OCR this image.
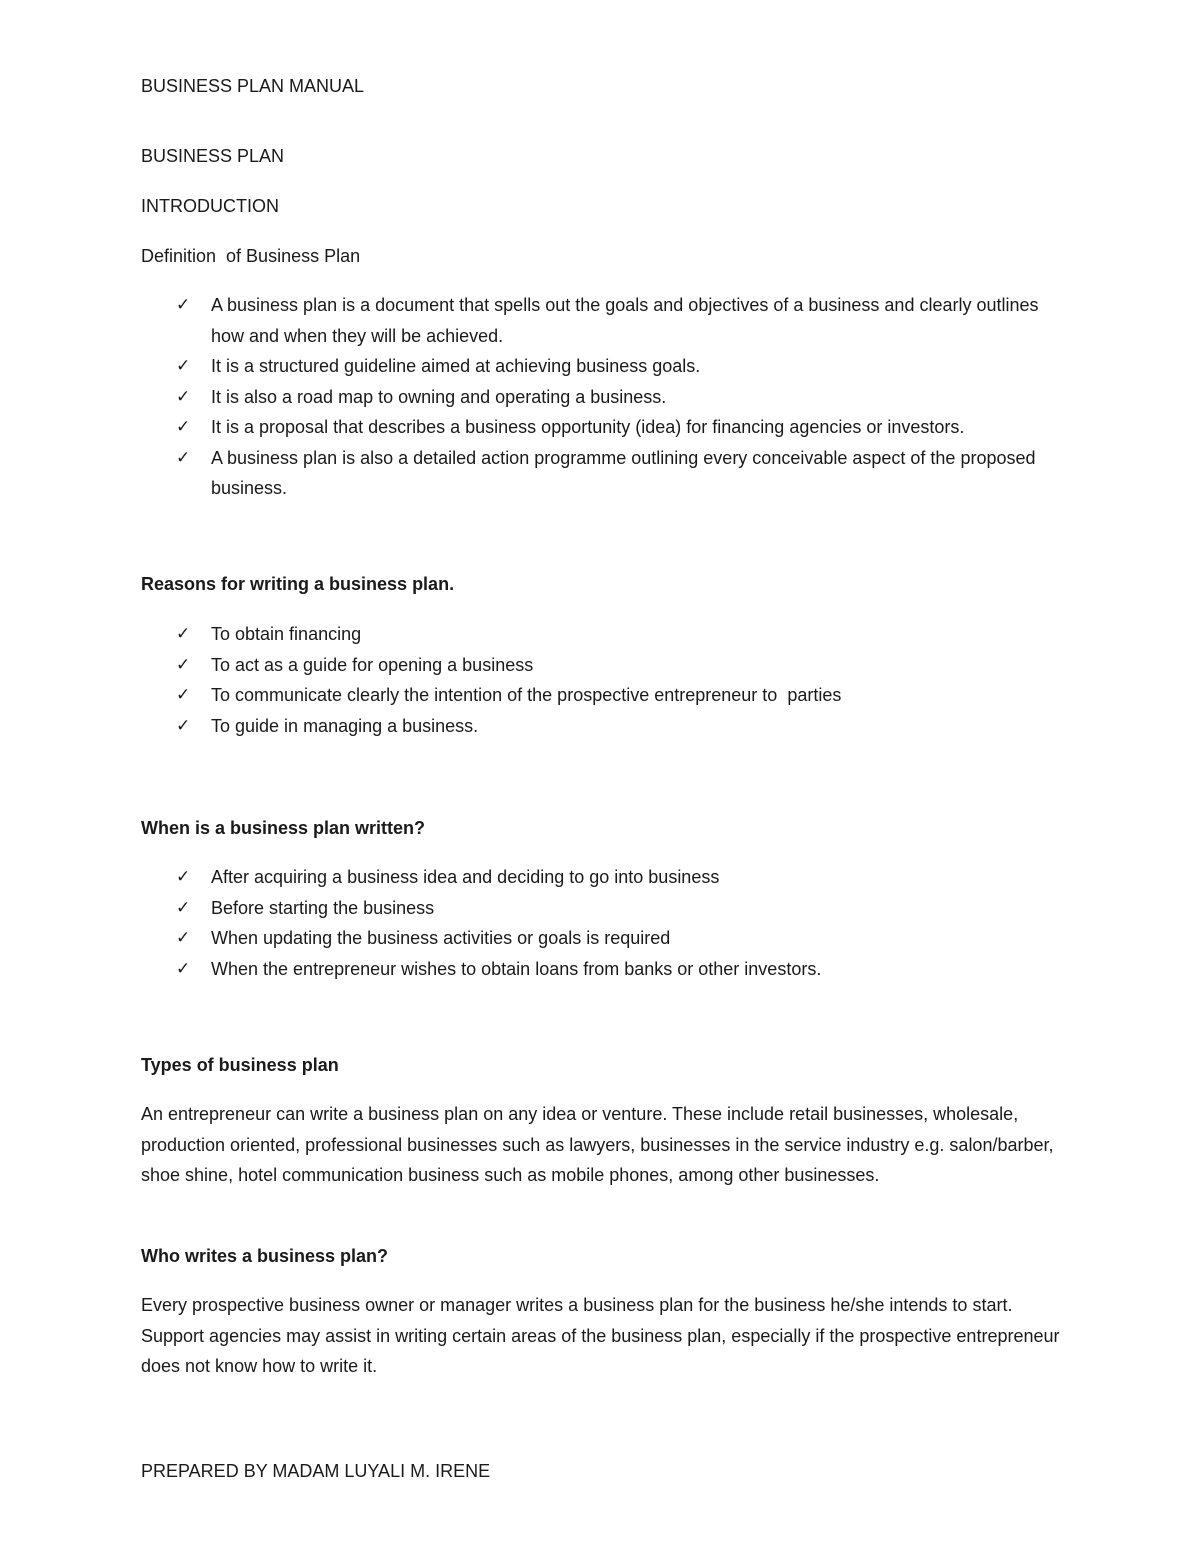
BUSINESS PLAN MANUAL
BUSINESS PLAN
INTRODUCTION
Definition  of Business Plan
✓ A business plan is a document that spells out the goals and objectives of a business and clearly outlines how and when they will be achieved.
✓ It is a structured guideline aimed at achieving business goals.
✓ It is also a road map to owning and operating a business.
✓ It is a proposal that describes a business opportunity (idea) for financing agencies or investors.
✓ A business plan is also a detailed action programme outlining every conceivable aspect of the proposed business.
Reasons for writing a business plan.
✓ To obtain financing
✓ To act as a guide for opening a business
✓ To communicate clearly the intention of the prospective entrepreneur to  parties
✓ To guide in managing a business.
When is a business plan written?
✓ After acquiring a business idea and deciding to go into business
✓ Before starting the business
✓ When updating the business activities or goals is required
✓ When the entrepreneur wishes to obtain loans from banks or other investors.
Types of business plan

An entrepreneur can write a business plan on any idea or venture. These include retail businesses, wholesale, production oriented, professional businesses such as lawyers, businesses in the service industry e.g. salon/barber, shoe shine, hotel communication business such as mobile phones, among other businesses.

Who writes a business plan?

Every prospective business owner or manager writes a business plan for the business he/she intends to start. Support agencies may assist in writing certain areas of the business plan, especially if the prospective entrepreneur does not know how to write it.

PREPARED BY MADAM LUYALI M. IRENE
